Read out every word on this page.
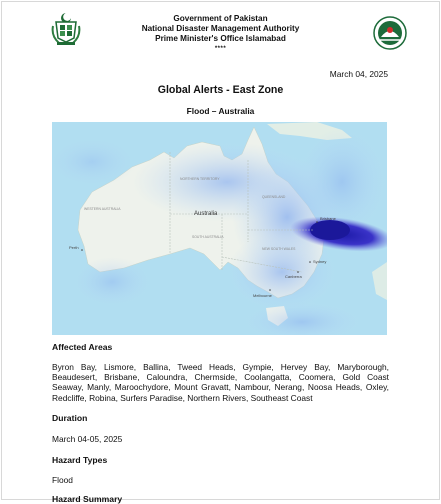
Government of Pakistan
National Disaster Management Authority
Prime Minister's Office Islamabad
****
March 04, 2025
Global Alerts - East Zone
Flood – Australia
Australia
NORTHERN TERRITORY
WESTERN AUSTRALIA
SOUTH AUSTRALIA
QUEENSLAND
NEW SOUTH WALES
Perth
Brisbane
Sydney
Canberra
Melbourne
Affected Areas

Byron Bay, Lismore, Ballina, Tweed Heads, Gympie, Hervey Bay, Maryborough, Beaudesert, Brisbane, Caloundra, Chermside, Coolangatta, Coomera, Gold Coast Seaway, Manly, Maroochydore, Mount Gravatt, Nambour, Nerang, Noosa Heads, Oxley, Redcliffe, Robina, Surfers Paradise, Northern Rivers, Southeast Coast

Duration

March 04-05, 2025

Hazard Types

Flood

Hazard Summary
